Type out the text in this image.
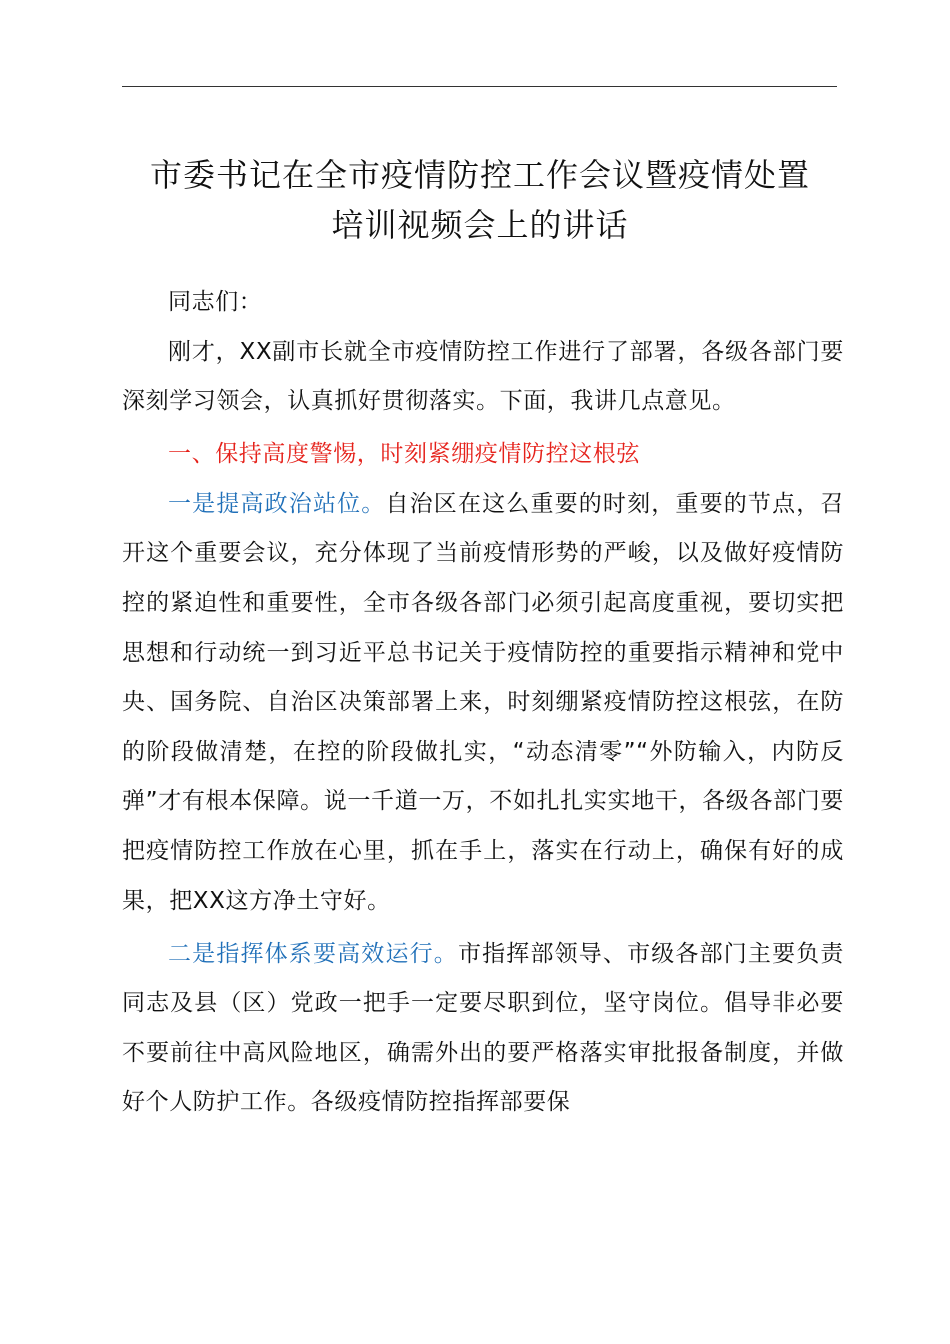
市委书记在全市疫情防控工作会议暨疫情处置
培训视频会上的讲话

同志们：

刚才，XX副市长就全市疫情防控工作进行了部署，各级各部门要深刻学习领会，认真抓好贯彻落实。下面，我讲几点意见。

一、保持高度警惕，时刻紧绷疫情防控这根弦

一是提高政治站位。自治区在这么重要的时刻，重要的节点，召开这个重要会议，充分体现了当前疫情形势的严峻，以及做好疫情防控的紧迫性和重要性，全市各级各部门必须引起高度重视，要切实把思想和行动统一到习近平总书记关于疫情防控的重要指示精神和党中央、国务院、自治区决策部署上来，时刻绷紧疫情防控这根弦，在防的阶段做清楚，在控的阶段做扎实，“动态清零”“外防输入，内防反弹”才有根本保障。说一千道一万，不如扎扎实实地干，各级各部门要把疫情防控工作放在心里，抓在手上，落实在行动上，确保有好的成果，把XX这方净土守好。

二是指挥体系要高效运行。市指挥部领导、市级各部门主要负责同志及县（区）党政一把手一定要尽职到位，坚守岗位。倡导非必要不要前往中高风险地区，确需外出的要严格落实审批报备制度，并做好个人防护工作。各级疫情防控指挥部要保
